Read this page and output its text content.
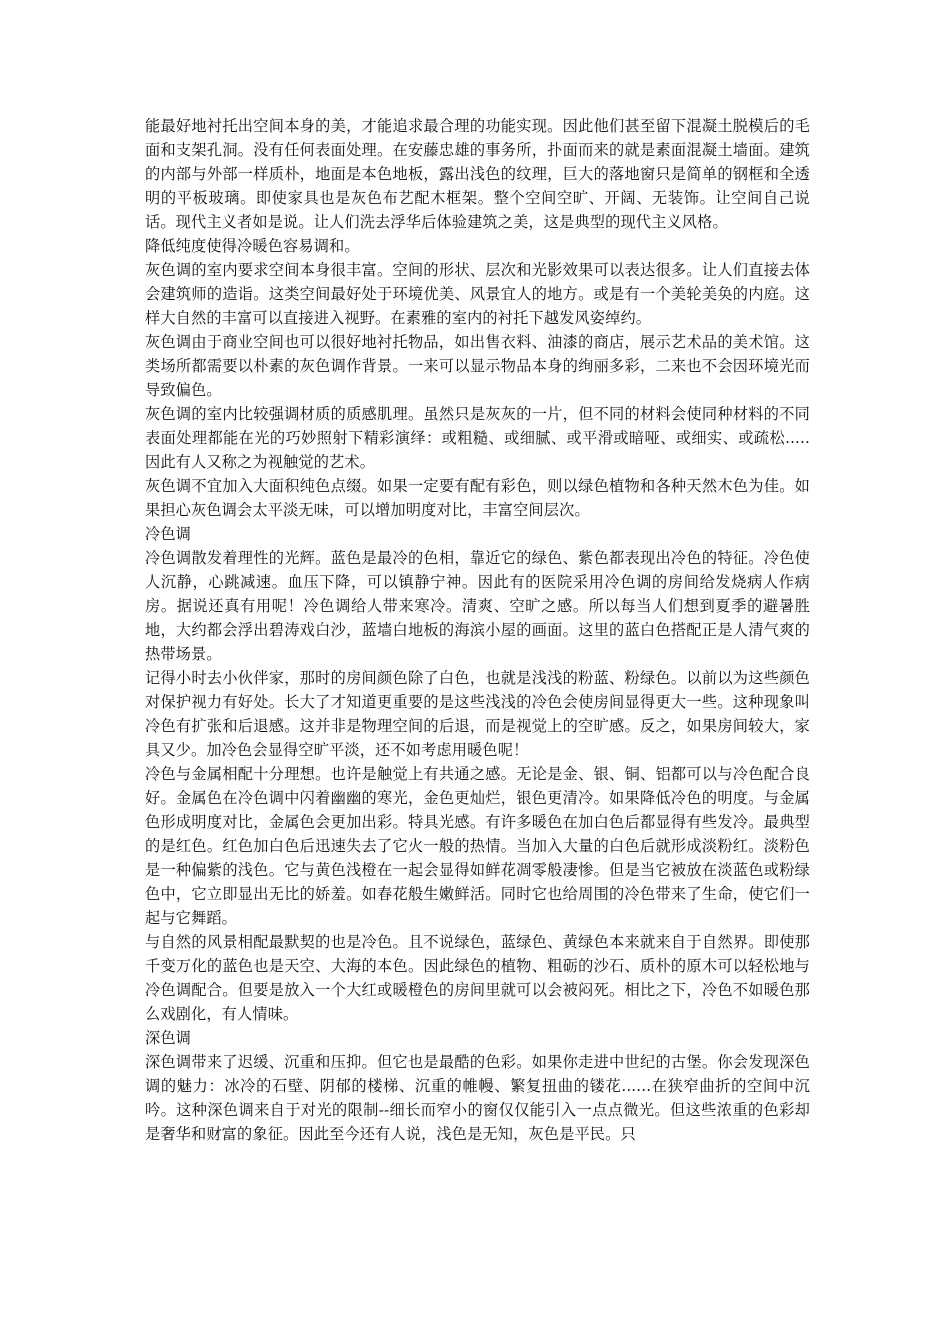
能最好地衬托出空间本身的美，才能追求最合理的功能实现。因此他们甚至留下混凝土脱模后的毛面和支架孔洞。没有任何表面处理。在安藤忠雄的事务所，扑面而来的就是素面混凝土墙面。建筑的内部与外部一样质朴，地面是本色地板，露出浅色的纹理，巨大的落地窗只是简单的钢框和全透明的平板玻璃。即使家具也是灰色布艺配木框架。整个空间空旷、开阔、无装饰。让空间自己说话。现代主义者如是说。让人们洗去浮华后体验建筑之美，这是典型的现代主义风格。

降低纯度使得冷暖色容易调和。

灰色调的室内要求空间本身很丰富。空间的形状、层次和光影效果可以表达很多。让人们直接去体会建筑师的造诣。这类空间最好处于环境优美、风景宜人的地方。或是有一个美轮美奂的内庭。这样大自然的丰富可以直接进入视野。在素雅的室内的衬托下越发风姿绰约。

灰色调由于商业空间也可以很好地衬托物品，如出售衣料、油漆的商店，展示艺术品的美术馆。这类场所都需要以朴素的灰色调作背景。一来可以显示物品本身的绚丽多彩，二来也不会因环境光而导致偏色。

灰色调的室内比较强调材质的质感肌理。虽然只是灰灰的一片，但不同的材料会使同种材料的不同表面处理都能在光的巧妙照射下精彩演绎：或粗糙、或细腻、或平滑或暗哑、或细实、或疏松.....因此有人又称之为视触觉的艺术。

灰色调不宜加入大面积纯色点缀。如果一定要有配有彩色，则以绿色植物和各种天然木色为佳。如果担心灰色调会太平淡无味，可以增加明度对比，丰富空间层次。

冷色调

冷色调散发着理性的光辉。蓝色是最冷的色相，靠近它的绿色、紫色都表现出冷色的特征。冷色使人沉静，心跳减速。血压下降，可以镇静宁神。因此有的医院采用冷色调的房间给发烧病人作病房。据说还真有用呢！冷色调给人带来寒冷。清爽、空旷之感。所以每当人们想到夏季的避暑胜地，大约都会浮出碧涛戏白沙，蓝墙白地板的海滨小屋的画面。这里的蓝白色搭配正是人清气爽的热带场景。

记得小时去小伙伴家，那时的房间颜色除了白色，也就是浅浅的粉蓝、粉绿色。以前以为这些颜色对保护视力有好处。长大了才知道更重要的是这些浅浅的冷色会使房间显得更大一些。这种现象叫冷色有扩张和后退感。这并非是物理空间的后退，而是视觉上的空旷感。反之，如果房间较大，家具又少。加冷色会显得空旷平淡，还不如考虑用暖色呢！

冷色与金属相配十分理想。也许是触觉上有共通之感。无论是金、银、铜、铝都可以与冷色配合良好。金属色在冷色调中闪着幽幽的寒光，金色更灿烂，银色更清冷。如果降低冷色的明度。与金属色形成明度对比，金属色会更加出彩。特具光感。有许多暖色在加白色后都显得有些发冷。最典型的是红色。红色加白色后迅速失去了它火一般的热情。当加入大量的白色后就形成淡粉红。淡粉色是一种偏紫的浅色。它与黄色浅橙在一起会显得如鲜花凋零般凄惨。但是当它被放在淡蓝色或粉绿色中，它立即显出无比的娇羞。如春花般生嫩鲜活。同时它也给周围的冷色带来了生命，使它们一起与它舞蹈。

与自然的风景相配最默契的也是冷色。且不说绿色，蓝绿色、黄绿色本来就来自于自然界。即使那千变万化的蓝色也是天空、大海的本色。因此绿色的植物、粗砺的沙石、质朴的原木可以轻松地与冷色调配合。但要是放入一个大红或暖橙色的房间里就可以会被闷死。相比之下，冷色不如暖色那么戏剧化，有人情味。

深色调

深色调带来了迟缓、沉重和压抑。但它也是最酷的色彩。如果你走进中世纪的古堡。你会发现深色调的魅力：冰冷的石壁、阴郁的楼梯、沉重的帷幔、繁复扭曲的镂花......在狭窄曲折的空间中沉吟。这种深色调来自于对光的限制--细长而窄小的窗仅仅能引入一点点微光。但这些浓重的色彩却是奢华和财富的象征。因此至今还有人说，浅色是无知，灰色是平民。只
